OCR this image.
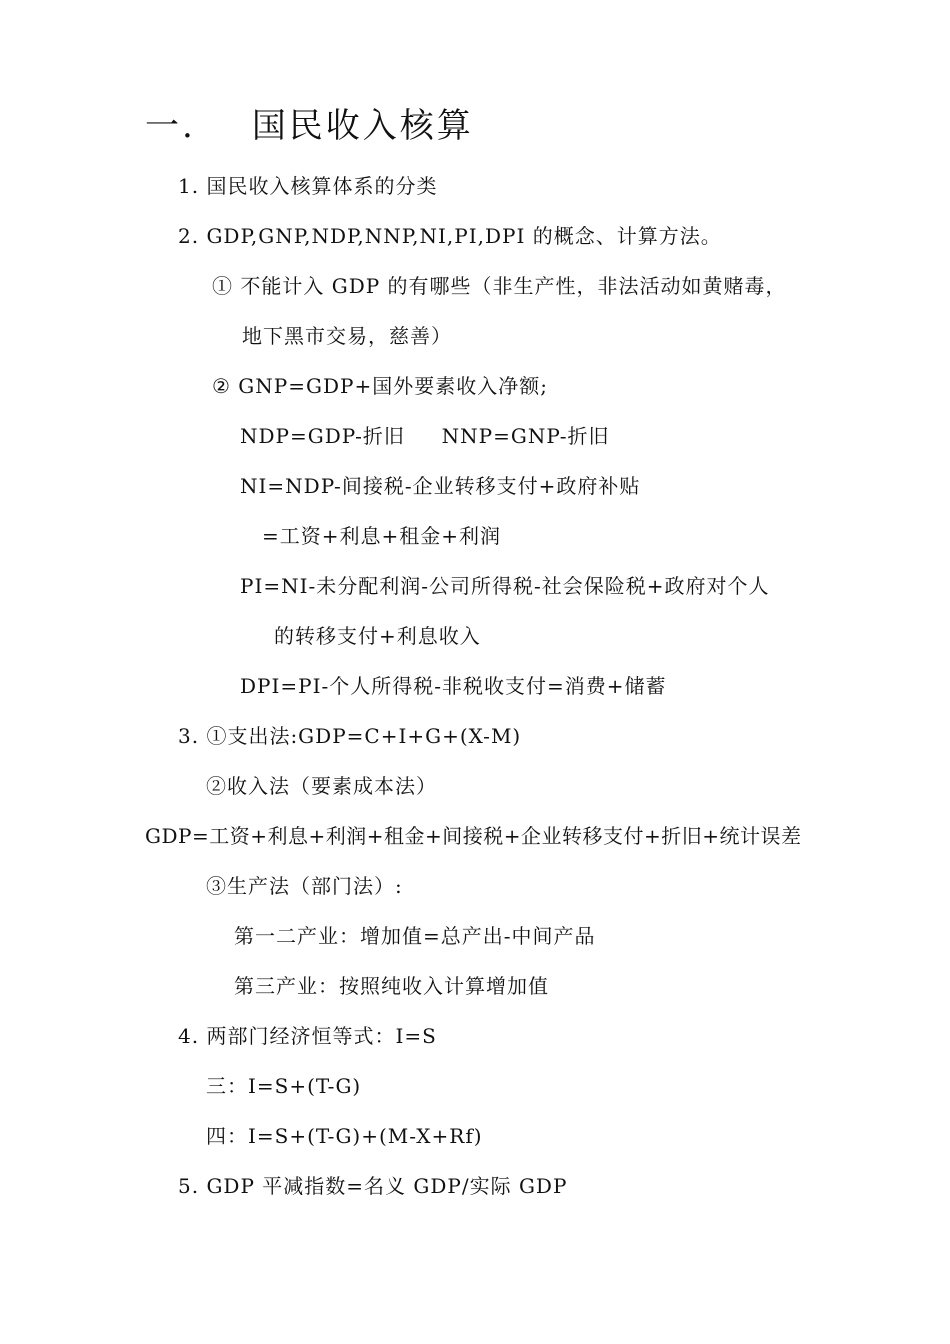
一. 国民收入核算
1. 国民收入核算体系的分类
2. GDP,GNP,NDP,NNP,NI,PI,DPI 的概念、计算方法。
① 不能计入 GDP 的有哪些（非生产性，非法活动如黄赌毒，
地下黑市交易，慈善）
② GNP=GDP+国外要素收入净额;
NDP=GDP-折旧     NNP=GNP-折旧
NI=NDP-间接税-企业转移支付+政府补贴
=工资+利息+租金+利润
PI=NI-未分配利润-公司所得税-社会保险税+政府对个人
的转移支付+利息收入
DPI=PI-个人所得税-非税收支付=消费+储蓄
3. ①支出法:GDP=C+I+G+(X-M)
②收入法（要素成本法）
GDP=工资+利息+利润+租金+间接税+企业转移支付+折旧+统计误差
③生产法（部门法）:
第一二产业：增加值=总产出-中间产品
第三产业：按照纯收入计算增加值
4. 两部门经济恒等式：I=S
三：I=S+(T-G)
四：I=S+(T-G)+(M-X+Rf)
5. GDP 平减指数=名义 GDP/实际 GDP
